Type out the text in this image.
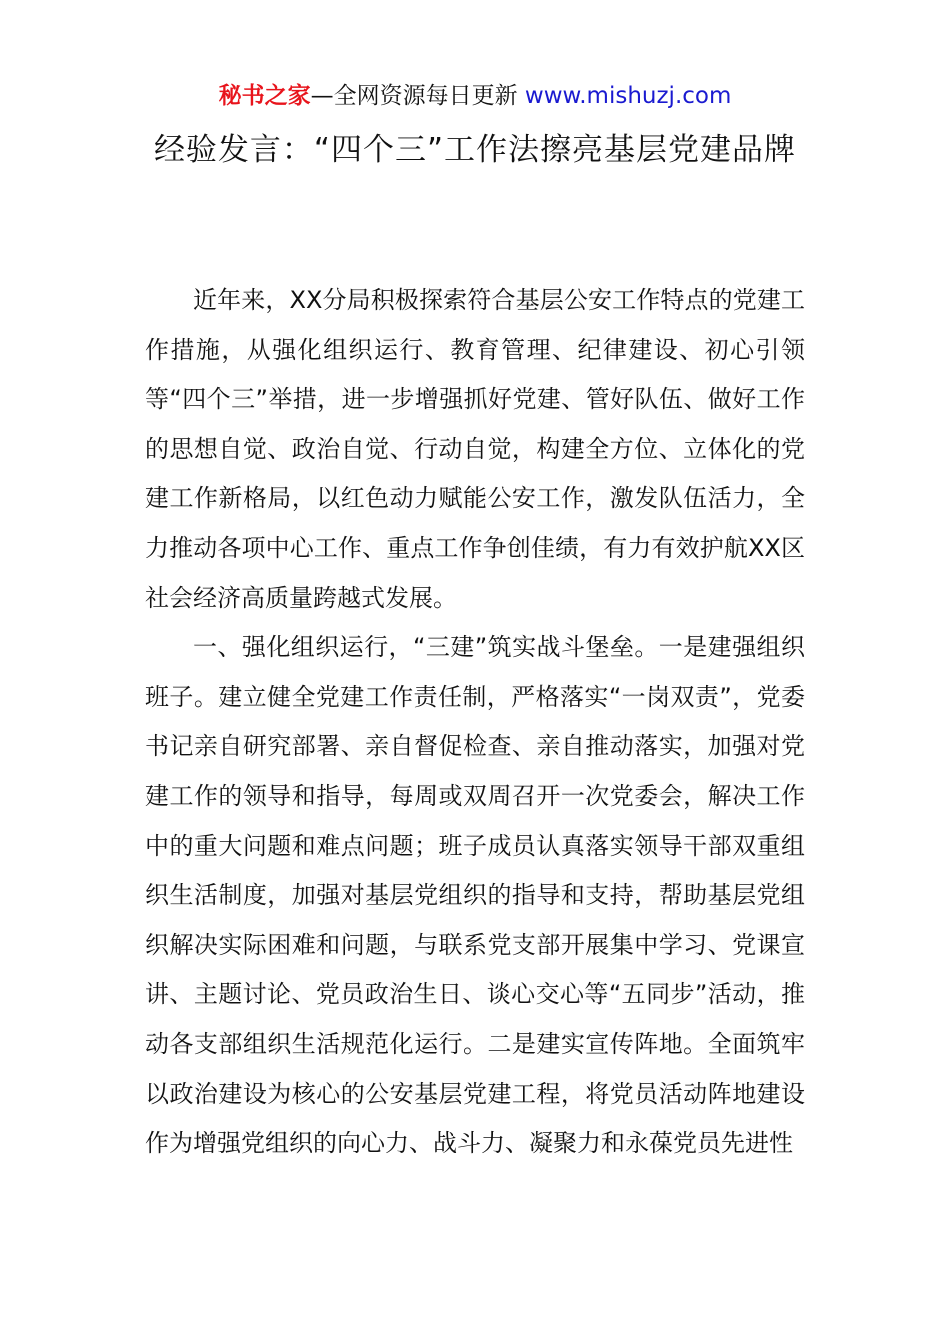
秘书之家—全网资源每日更新 www.mishuzj.com
经验发言：“四个三”工作法擦亮基层党建品牌

近年来，XX分局积极探索符合基层公安工作特点的党建工作措施，从强化组织运行、教育管理、纪律建设、初心引领等“四个三”举措，进一步增强抓好党建、管好队伍、做好工作的思想自觉、政治自觉、行动自觉，构建全方位、立体化的党建工作新格局，以红色动力赋能公安工作，激发队伍活力，全力推动各项中心工作、重点工作争创佳绩，有力有效护航XX区社会经济高质量跨越式发展。

一、强化组织运行，“三建”筑实战斗堡垒。一是建强组织班子。建立健全党建工作责任制，严格落实“一岗双责”，党委书记亲自研究部署、亲自督促检查、亲自推动落实，加强对党建工作的领导和指导，每周或双周召开一次党委会，解决工作中的重大问题和难点问题；班子成员认真落实领导干部双重组织生活制度，加强对基层党组织的指导和支持，帮助基层党组织解决实际困难和问题，与联系党支部开展集中学习、党课宣讲、主题讨论、党员政治生日、谈心交心等“五同步”活动，推动各支部组织生活规范化运行。二是建实宣传阵地。全面筑牢以政治建设为核心的公安基层党建工程，将党员活动阵地建设作为增强党组织的向心力、战斗力、凝聚力和永葆党员先进性
